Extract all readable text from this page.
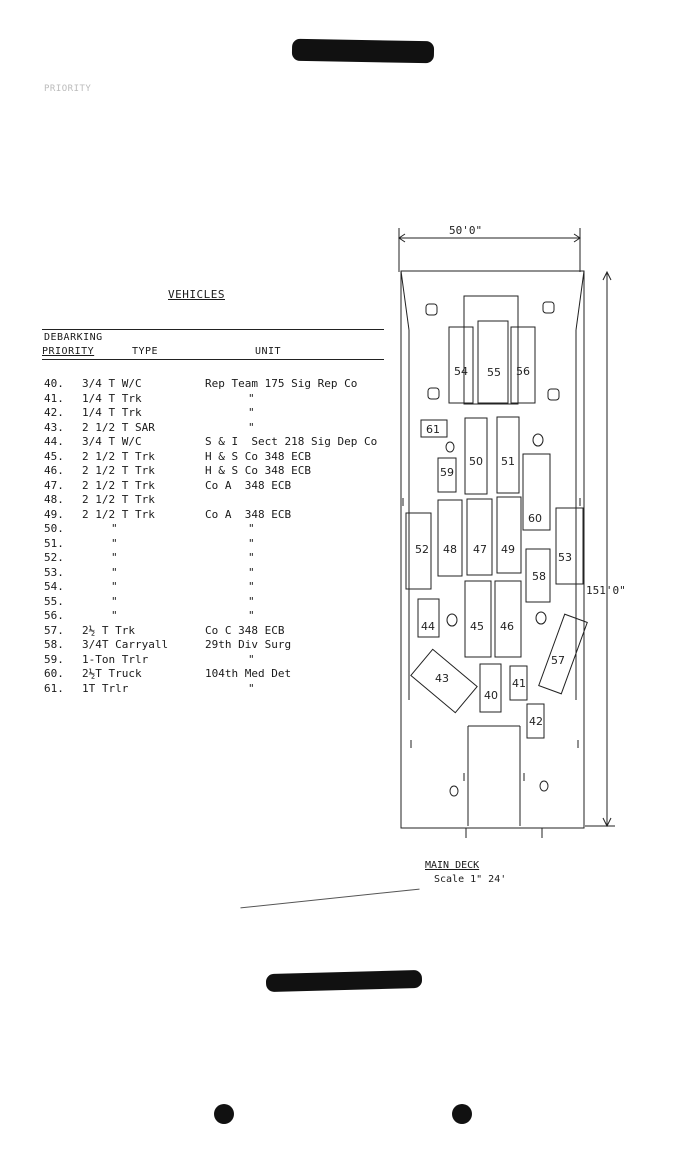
PRIORITY
VEHICLES
DEBARKING
PRIORITY	TYPE	UNIT
40. 3/4 T W/C	Rep Team 175 Sig Rep Co
41. 1/4 T Trk	"
42. 1/4 T Trk	"
43. 2 1/2 T SAR	"
44. 3/4 T W/C	S & I  Sect 218 Sig Dep Co
45. 2 1/2 T Trk	H & S Co 348 ECB
46. 2 1/2 T Trk	H & S Co 348 ECB
47. 2 1/2 T Trk	Co A  348 ECB
48. 2 1/2 T Trk
49. 2 1/2 T Trk	Co A  348 ECB
50.	"	"
51.	"	"
52.	"	"
53.	"	"
54.	"	"
55.	"	"
56.	"	"
57. 2½ T Trk	Co C 348 ECB
58. 3/4T Carryall	29th Div Surg
59. 1-Ton Trlr	"
60. 2½T Truck	104th Med Det
61. 1T Trlr	"
54 55 56
61
50 51
59
60
52 48 47 49
53
58
44	45 46
57
43
40
41
42
50'0"
151'0"
MAIN DECK
Scale 1" 24'
